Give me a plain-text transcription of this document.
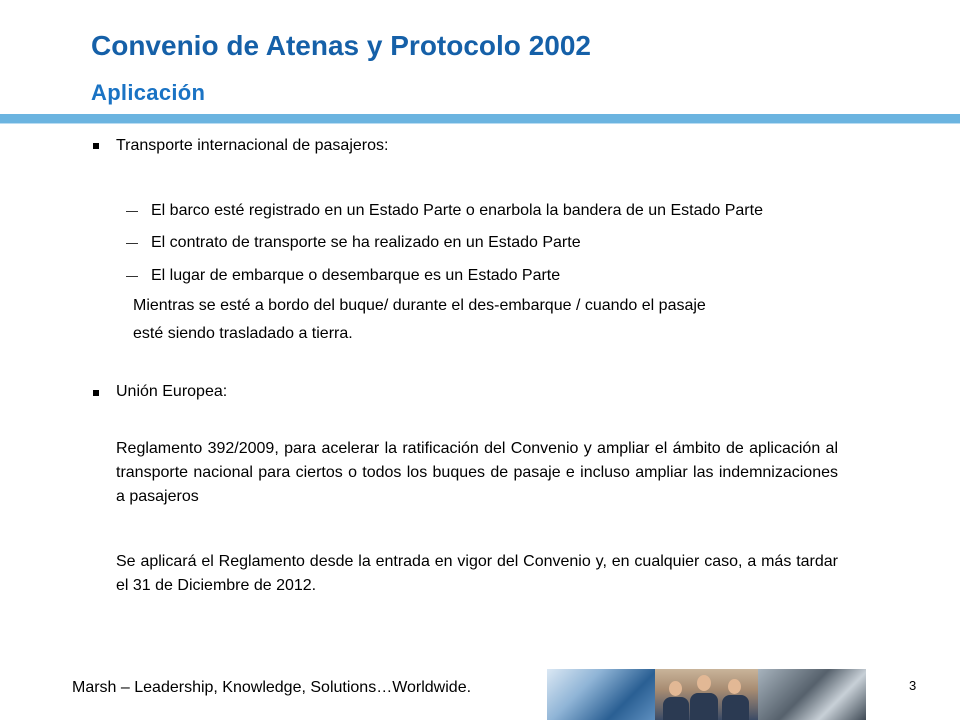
Convenio de Atenas y Protocolo 2002
Aplicación
Transporte internacional de pasajeros:
El barco esté registrado en un Estado Parte o enarbola la bandera de un Estado Parte
El contrato de transporte se ha realizado en un Estado Parte
El lugar de embarque o desembarque es un Estado Parte
Mientras se esté a bordo del buque/ durante el des-embarque / cuando el pasaje
esté siendo trasladado a tierra.
Unión Europea:
Reglamento 392/2009, para acelerar la ratificación del Convenio y ampliar el ámbito de aplicación al transporte nacional para ciertos o todos los buques de pasaje e incluso ampliar las indemnizaciones a pasajeros
Se aplicará el Reglamento desde la entrada en vigor del Convenio y, en cualquier caso, a más tardar el 31 de Diciembre de 2012.
Marsh – Leadership, Knowledge, Solutions…Worldwide.	3
